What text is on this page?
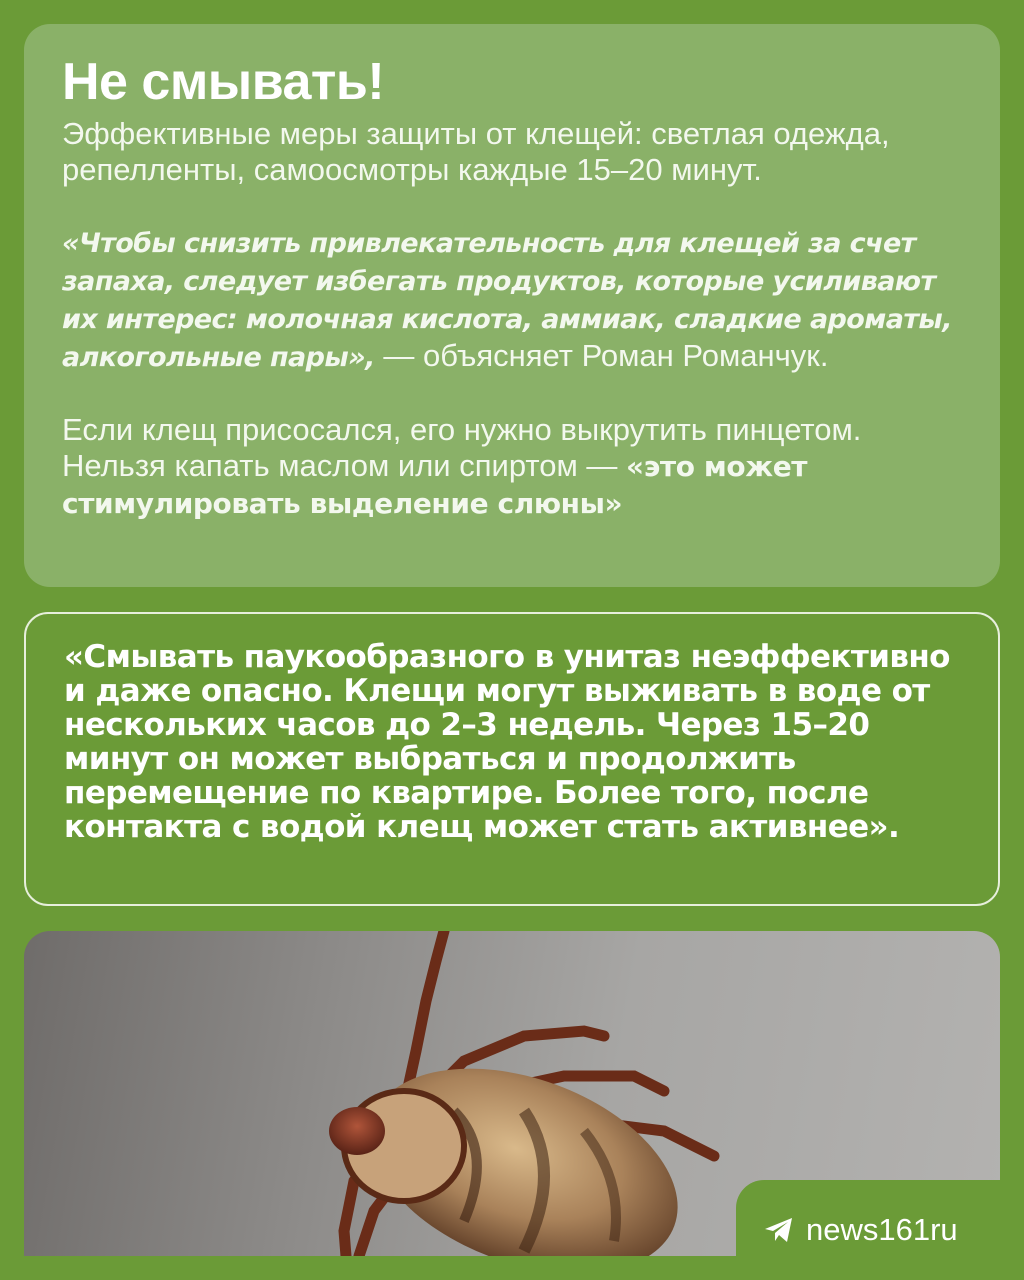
Не смывать!

Эффективные меры защиты от клещей: светлая одежда, репелленты, самоосмотры каждые 15–20 минут.

«Чтобы снизить привлекательность для клещей за счет запаха, следует избегать продуктов, которые усиливают их интерес: молочная кислота, аммиак, сладкие ароматы, алкогольные пары», — объясняет Роман Романчук.

Если клещ присосался, его нужно выкрутить пинцетом. Нельзя капать маслом или спиртом — «это может стимулировать выделение слюны»

«Смывать паукообразного в унитаз неэффективно и даже опасно. Клещи могут выживать в воде от нескольких часов до 2–3 недель. Через 15–20 минут он может выбраться и продолжить перемещение по квартире. Более того, после контакта с водой клещ может стать активнее».

news161ru
